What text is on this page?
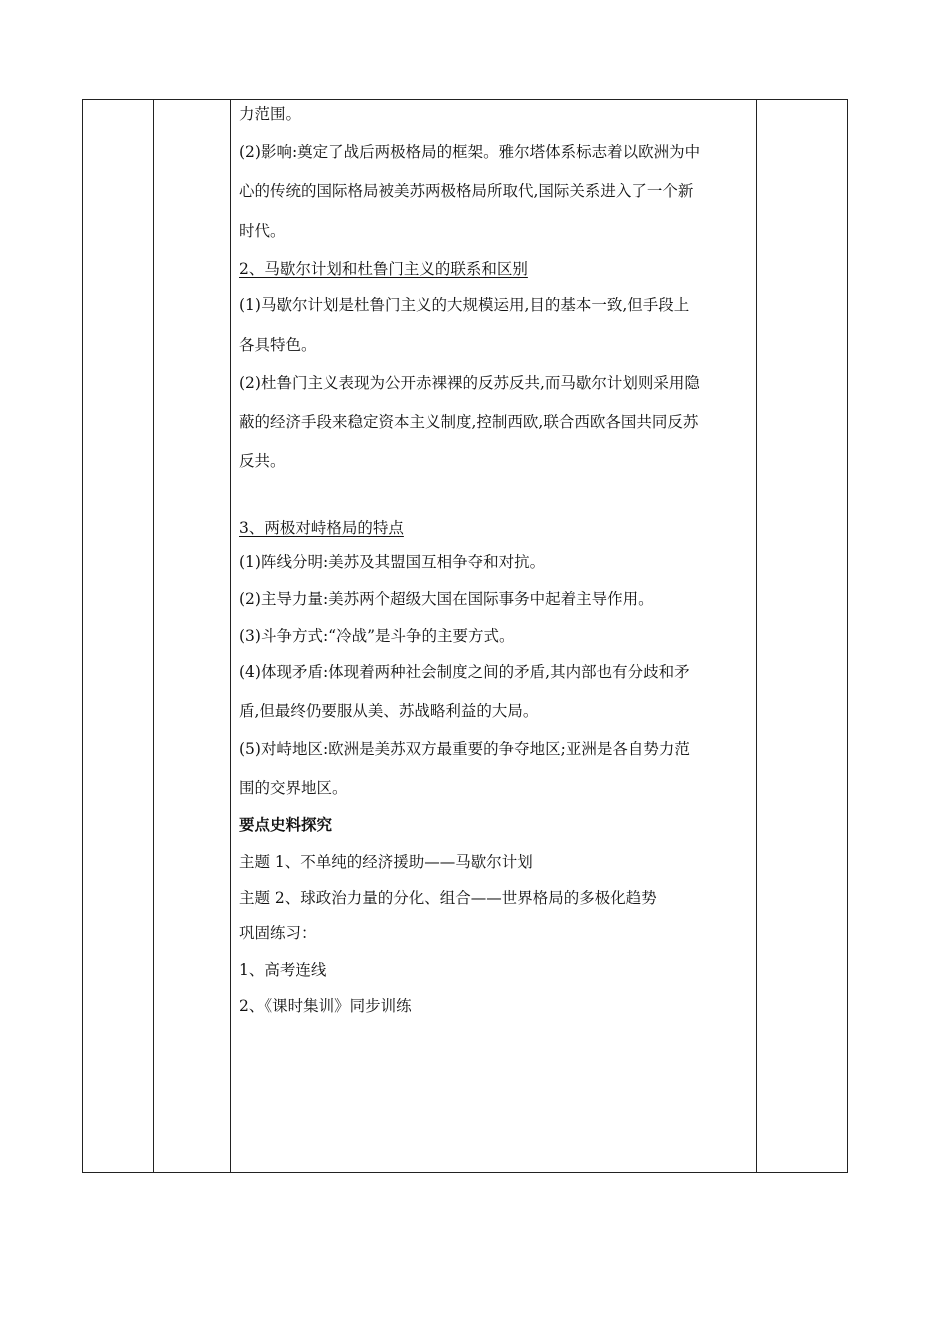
力范围。
(2)影响:奠定了战后两极格局的框架。雅尔塔体系标志着以欧洲为中
心的传统的国际格局被美苏两极格局所取代,国际关系进入了一个新
时代。
2、马歇尔计划和杜鲁门主义的联系和区别
(1)马歇尔计划是杜鲁门主义的大规模运用,目的基本一致,但手段上
各具特色。
(2)杜鲁门主义表现为公开赤裸裸的反苏反共,而马歇尔计划则采用隐
蔽的经济手段来稳定资本主义制度,控制西欧,联合西欧各国共同反苏
反共。
3、两极对峙格局的特点
(1)阵线分明:美苏及其盟国互相争夺和对抗。
(2)主导力量:美苏两个超级大国在国际事务中起着主导作用。
(3)斗争方式:“冷战”是斗争的主要方式。
(4)体现矛盾:体现着两种社会制度之间的矛盾,其内部也有分歧和矛
盾,但最终仍要服从美、苏战略利益的大局。
(5)对峙地区:欧洲是美苏双方最重要的争夺地区;亚洲是各自势力范
围的交界地区。
要点史料探究
主题 1、不单纯的经济援助——马歇尔计划
主题 2、球政治力量的分化、组合——世界格局的多极化趋势
巩固练习：
1、高考连线
2、《课时集训》同步训练
